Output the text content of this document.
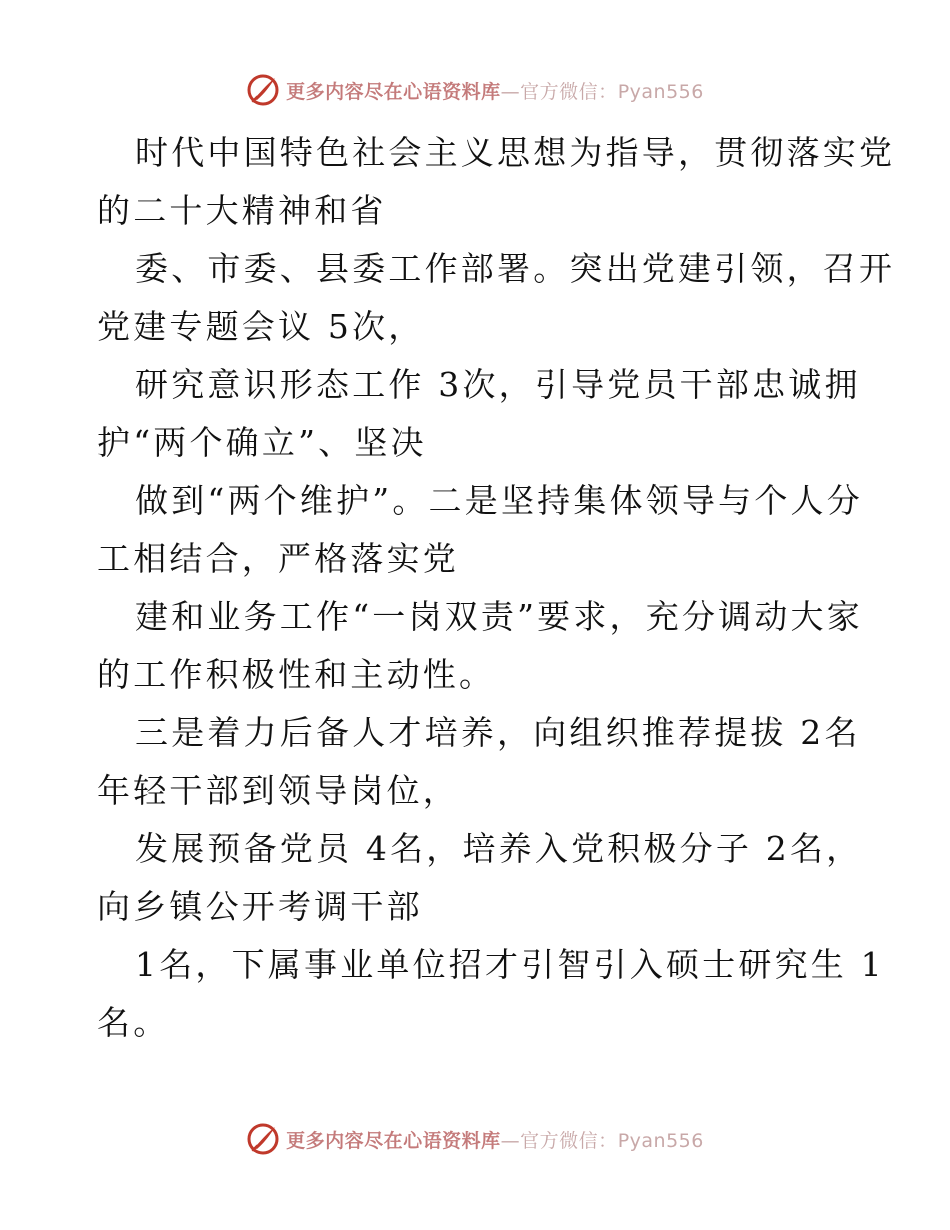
更多内容尽在心语资料库—官方微信：Pyan556
时代中国特色社会主义思想为指导，贯彻落实党
的二十大精神和省
委、市委、县委工作部署。突出党建引领，召开
党建专题会议 5次，
研究意识形态工作 3次，引导党员干部忠诚拥
护“两个确立”、坚决
做到“两个维护”。二是坚持集体领导与个人分
工相结合，严格落实党
建和业务工作“一岗双责”要求，充分调动大家
的工作积极性和主动性。
三是着力后备人才培养，向组织推荐提拔 2名
年轻干部到领导岗位，
发展预备党员 4名，培养入党积极分子 2名，
向乡镇公开考调干部
1名，下属事业单位招才引智引入硕士研究生 1
名。
更多内容尽在心语资料库—官方微信：Pyan556
